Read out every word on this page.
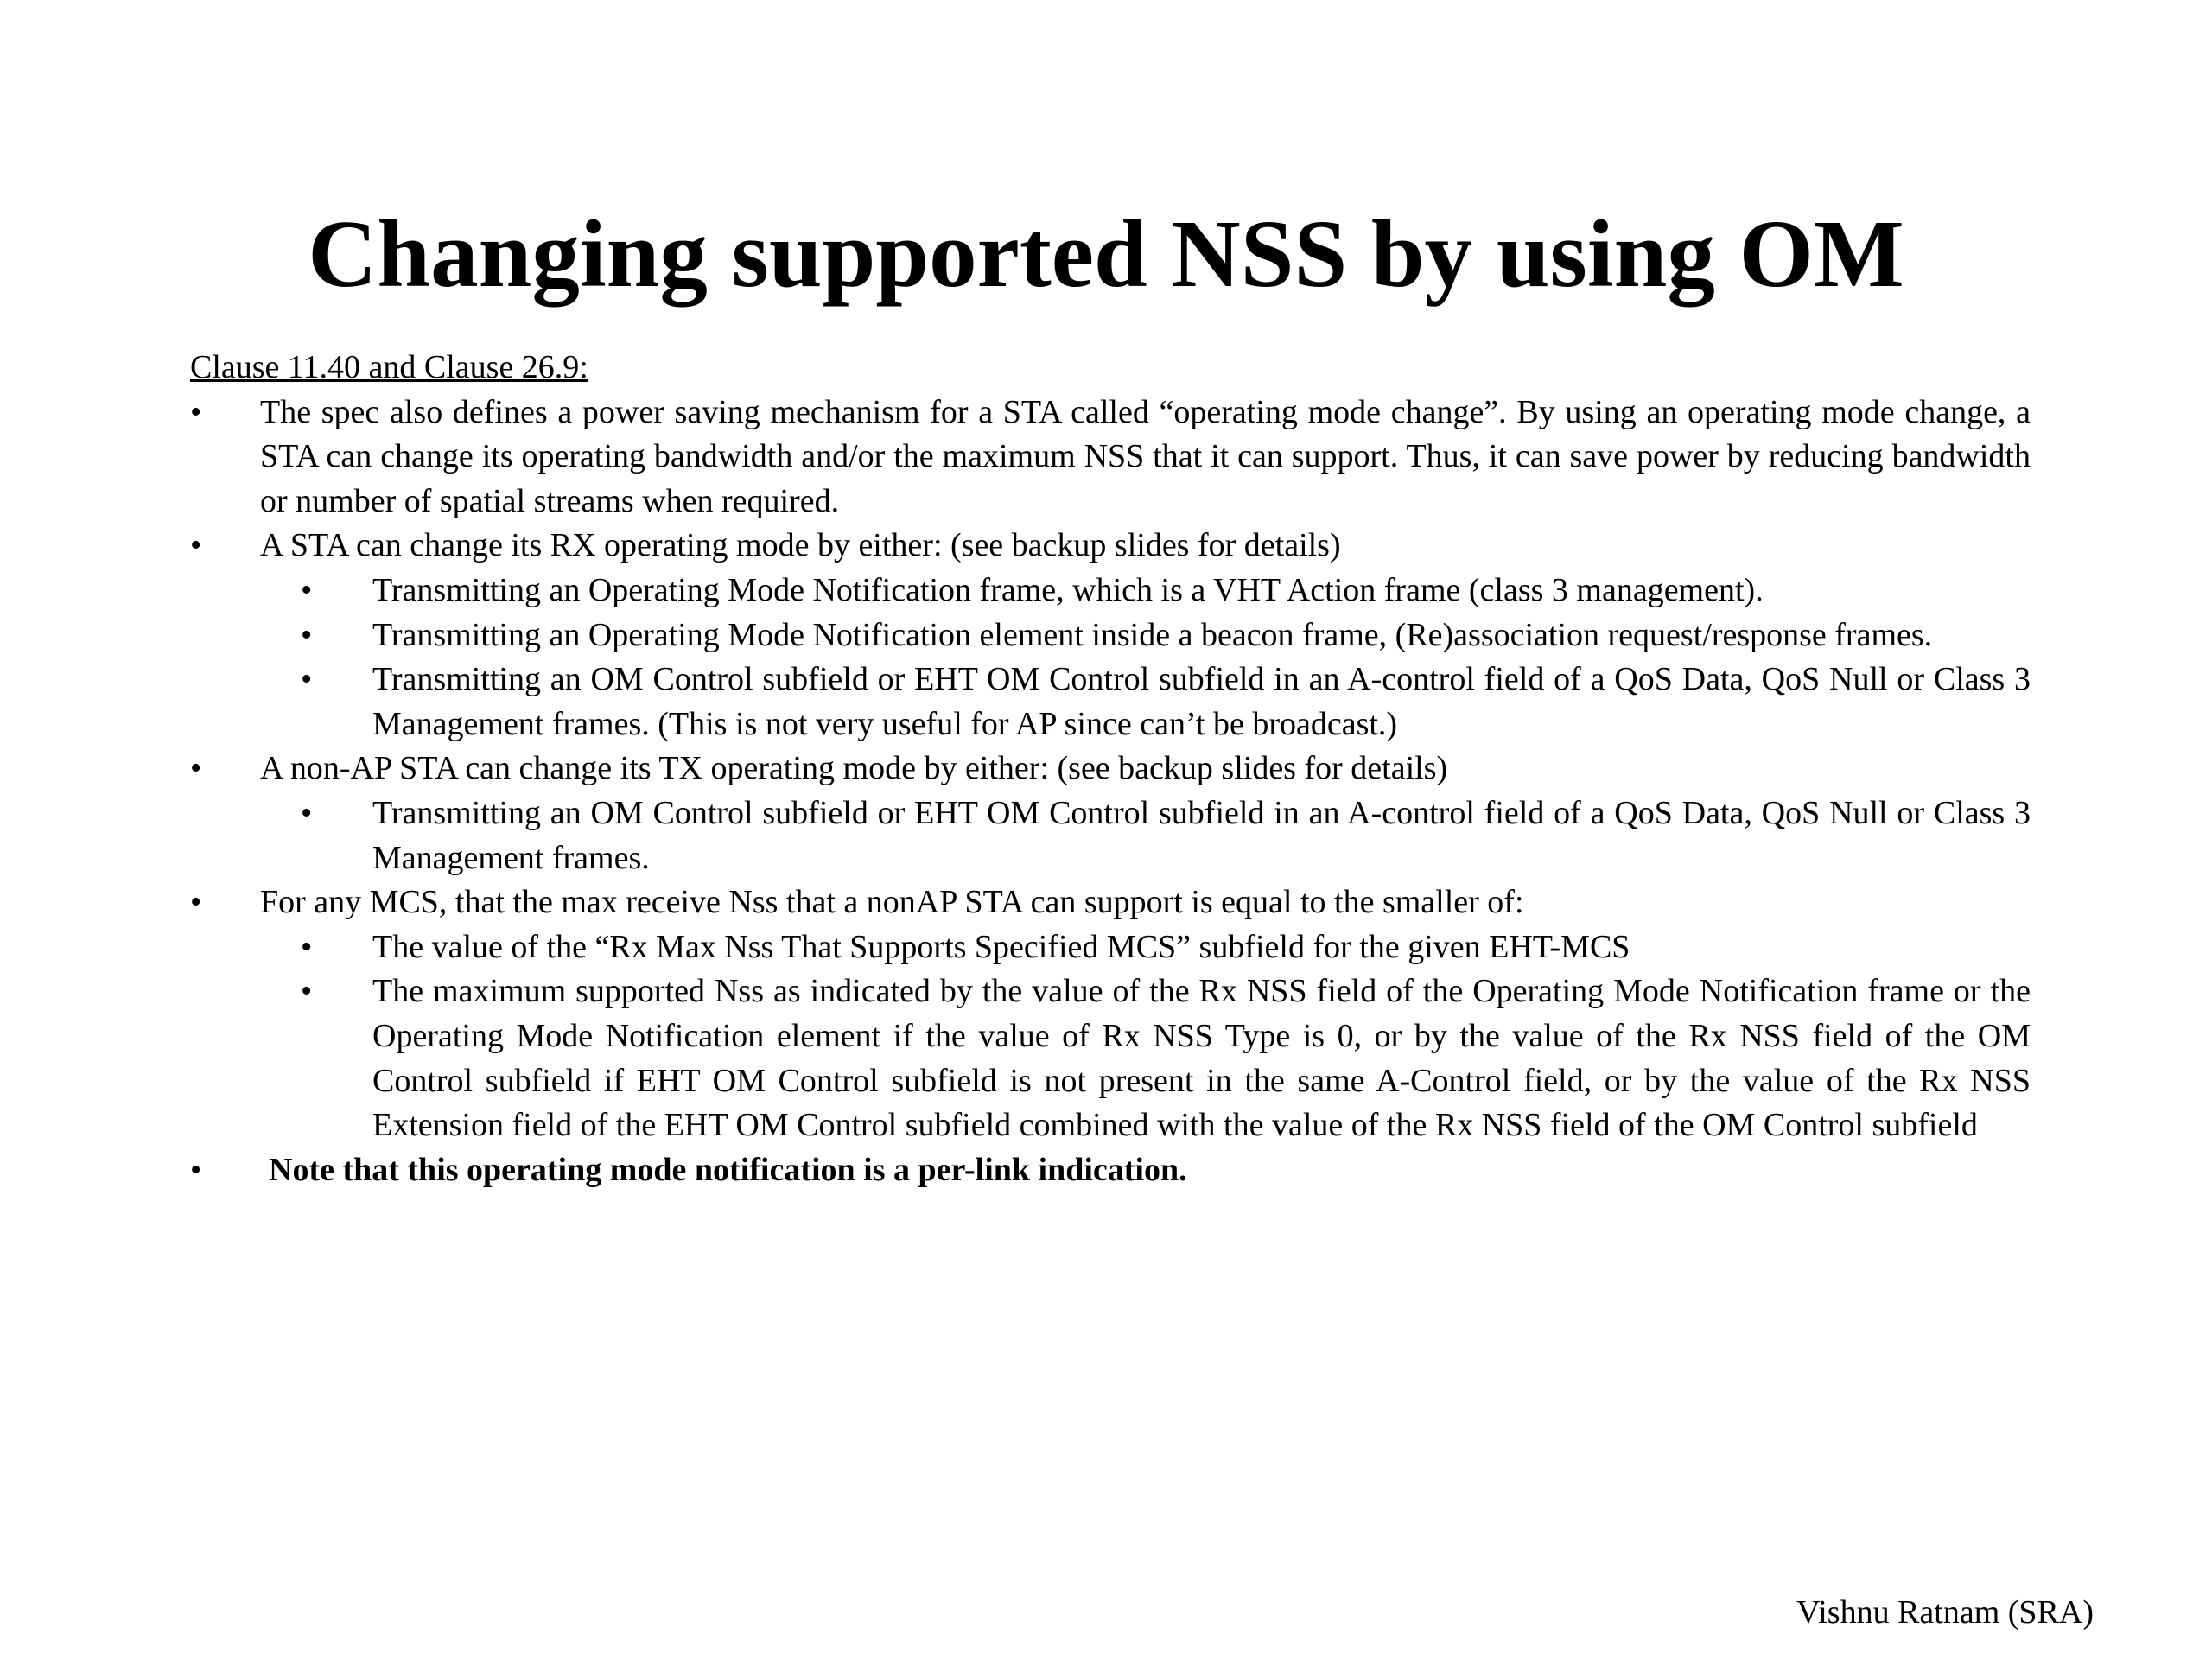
Changing supported NSS by using OM
Clause 11.40 and Clause 26.9:
• The spec also defines a power saving mechanism for a STA called “operating mode change”. By using an operating mode change, a STA can change its operating bandwidth and/or the maximum NSS that it can support. Thus, it can save power by reducing bandwidth or number of spatial streams when required.
• A STA can change its RX operating mode by either: (see backup slides for details)
• Transmitting an Operating Mode Notification frame, which is a VHT Action frame (class 3 management).
• Transmitting an Operating Mode Notification element inside a beacon frame, (Re)association request/response frames.
• Transmitting an OM Control subfield or EHT OM Control subfield in an A-control field of a QoS Data, QoS Null or Class 3 Management frames. (This is not very useful for AP since can’t be broadcast.)
• A non-AP STA can change its TX operating mode by either: (see backup slides for details)
• Transmitting an OM Control subfield or EHT OM Control subfield in an A-control field of a QoS Data, QoS Null or Class 3 Management frames.
• For any MCS, that the max receive Nss that a nonAP STA can support is equal to the smaller of:
• The value of the “Rx Max Nss That Supports Specified MCS” subfield for the given EHT-MCS
• The maximum supported Nss as indicated by the value of the Rx NSS field of the Operating Mode Notification frame or the Operating Mode Notification element if the value of Rx NSS Type is 0, or by the value of the Rx NSS field of the OM Control subfield if EHT OM Control subfield is not present in the same A-Control field, or by the value of the Rx NSS Extension field of the EHT OM Control subfield combined with the value of the Rx NSS field of the OM Control subfield
• Note that this operating mode notification is a per-link indication.
Vishnu Ratnam (SRA)
